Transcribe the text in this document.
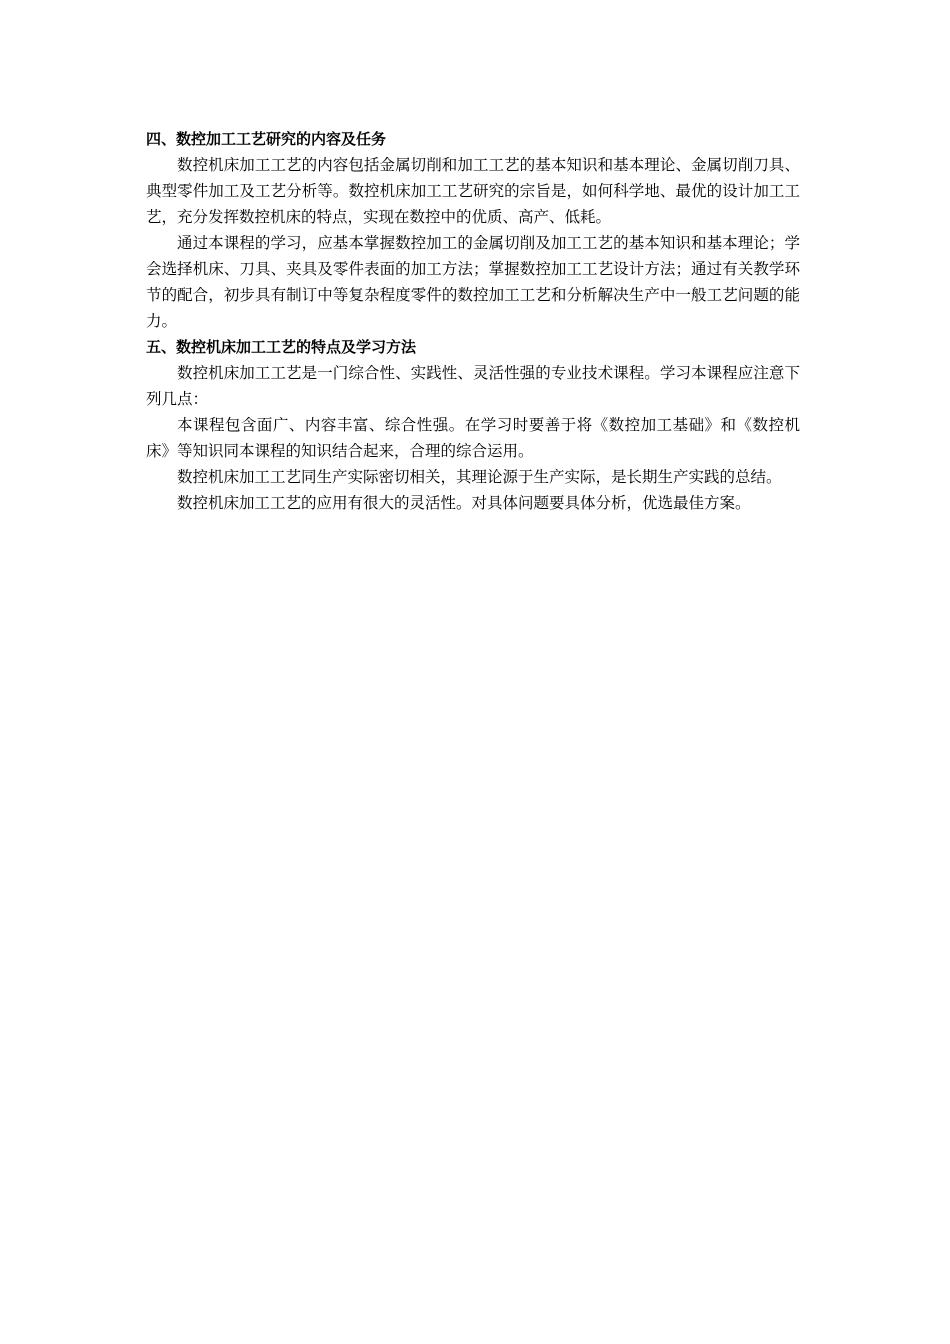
四、数控加工工艺研究的内容及任务

数控机床加工工艺的内容包括金属切削和加工工艺的基本知识和基本理论、金属切削刀具、典型零件加工及工艺分析等。数控机床加工工艺研究的宗旨是，如何科学地、最优的设计加工工艺，充分发挥数控机床的特点，实现在数控中的优质、高产、低耗。

通过本课程的学习，应基本掌握数控加工的金属切削及加工工艺的基本知识和基本理论；学会选择机床、刀具、夹具及零件表面的加工方法；掌握数控加工工艺设计方法；通过有关教学环节的配合，初步具有制订中等复杂程度零件的数控加工工艺和分析解决生产中一般工艺问题的能力。

五、数控机床加工工艺的特点及学习方法

数控机床加工工艺是一门综合性、实践性、灵活性强的专业技术课程。学习本课程应注意下列几点：

本课程包含面广、内容丰富、综合性强。在学习时要善于将《数控加工基础》和《数控机床》等知识同本课程的知识结合起来，合理的综合运用。

数控机床加工工艺同生产实际密切相关，其理论源于生产实际，是长期生产实践的总结。

数控机床加工工艺的应用有很大的灵活性。对具体问题要具体分析，优选最佳方案。
